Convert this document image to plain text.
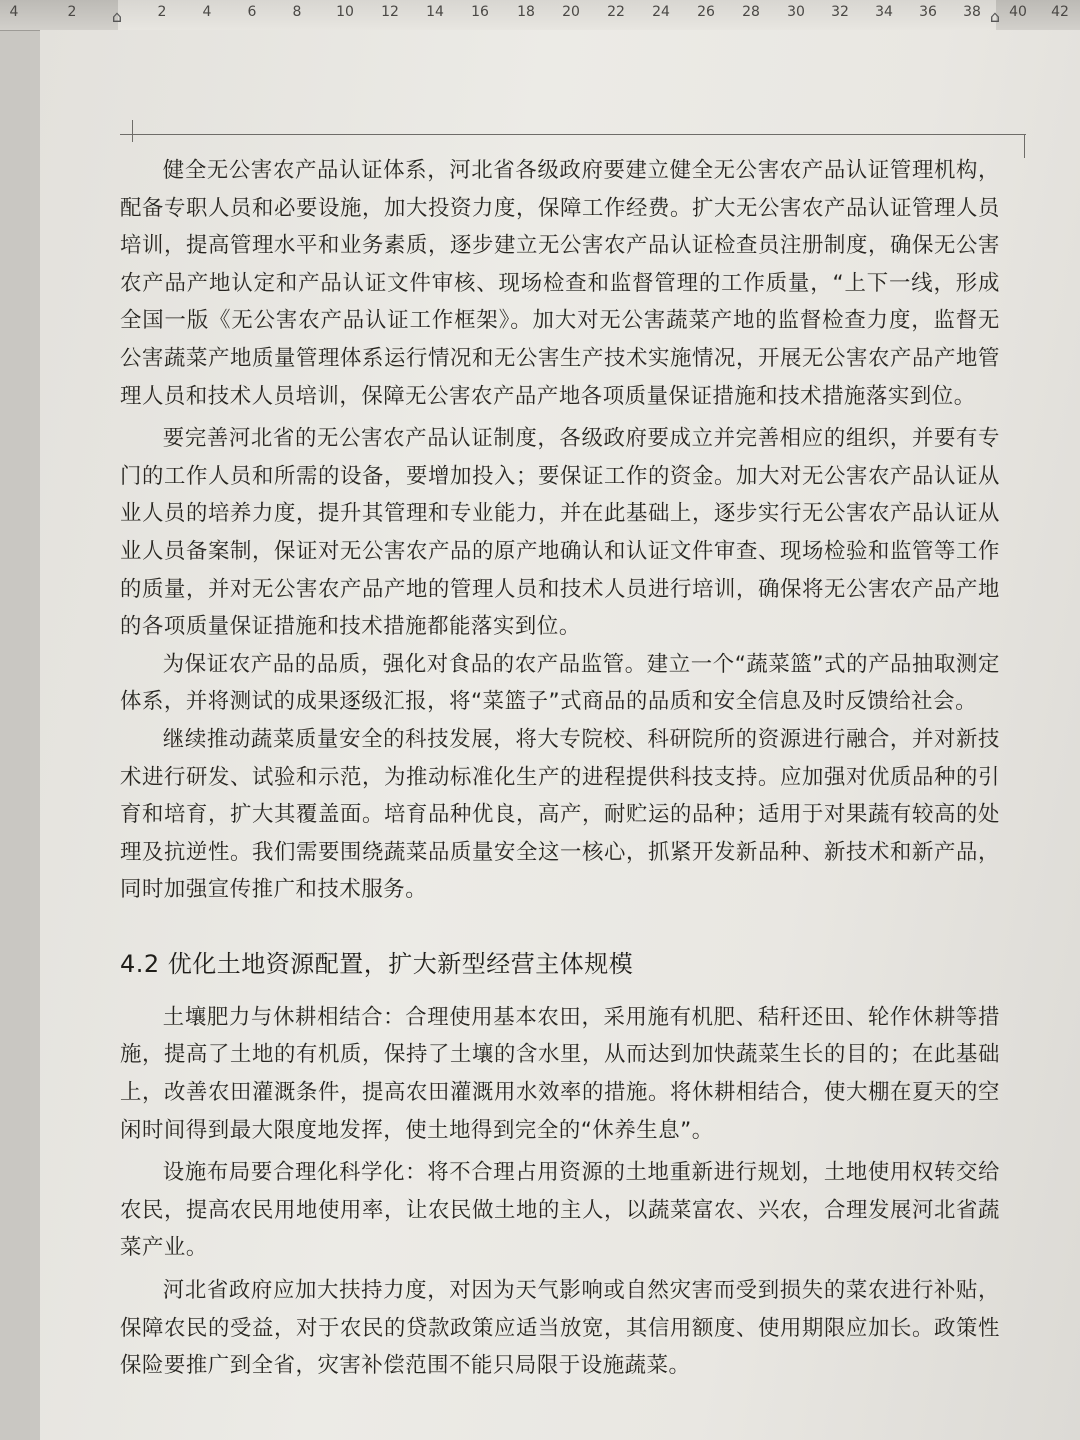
4	2 ⌂	2	4	6	8 10 12 14 16 18 20 22 24 26 28 30 32 34 36 38 ⌂ 40 42

健全无公害农产品认证体系，河北省各级政府要建立健全无公害农产品认证管理机构，配备专职人员和必要设施，加大投资力度，保障工作经费。扩大无公害农产品认证管理人员培训，提高管理水平和业务素质，逐步建立无公害农产品认证检查员注册制度，确保无公害农产品产地认定和产品认证文件审核、现场检查和监督管理的工作质量，“上下一线，形成全国一版《无公害农产品认证工作框架》。加大对无公害蔬菜产地的监督检查力度，监督无公害蔬菜产地质量管理体系运行情况和无公害生产技术实施情况，开展无公害农产品产地管理人员和技术人员培训，保障无公害农产品产地各项质量保证措施和技术措施落实到位。

要完善河北省的无公害农产品认证制度，各级政府要成立并完善相应的组织，并要有专门的工作人员和所需的设备，要增加投入；要保证工作的资金。加大对无公害农产品认证从业人员的培养力度，提升其管理和专业能力，并在此基础上，逐步实行无公害农产品认证从业人员备案制，保证对无公害农产品的原产地确认和认证文件审查、现场检验和监管等工作的质量，并对无公害农产品产地的管理人员和技术人员进行培训，确保将无公害农产品产地的各项质量保证措施和技术措施都能落实到位。

为保证农产品的品质，强化对食品的农产品监管。建立一个“蔬菜篮”式的产品抽取测定体系，并将测试的成果逐级汇报，将“菜篮子”式商品的品质和安全信息及时反馈给社会。

继续推动蔬菜质量安全的科技发展，将大专院校、科研院所的资源进行融合，并对新技术进行研发、试验和示范，为推动标准化生产的进程提供科技支持。应加强对优质品种的引育和培育，扩大其覆盖面。培育品种优良，高产，耐贮运的品种；适用于对果蔬有较高的处理及抗逆性。我们需要围绕蔬菜品质量安全这一核心，抓紧开发新品种、新技术和新产品，同时加强宣传推广和技术服务。

4.2 优化土地资源配置，扩大新型经营主体规模

土壤肥力与休耕相结合：合理使用基本农田，采用施有机肥、秸秆还田、轮作休耕等措施，提高了土地的有机质，保持了土壤的含水里，从而达到加快蔬菜生长的目的；在此基础上，改善农田灌溉条件，提高农田灌溉用水效率的措施。将休耕相结合，使大棚在夏天的空闲时间得到最大限度地发挥，使土地得到完全的“休养生息”。

设施布局要合理化科学化：将不合理占用资源的土地重新进行规划，土地使用权转交给农民，提高农民用地使用率，让农民做土地的主人，以蔬菜富农、兴农，合理发展河北省蔬菜产业。

河北省政府应加大扶持力度，对因为天气影响或自然灾害而受到损失的菜农进行补贴，保障农民的受益，对于农民的贷款政策应适当放宽，其信用额度、使用期限应加长。政策性保险要推广到全省，灾害补偿范围不能只局限于设施蔬菜。
